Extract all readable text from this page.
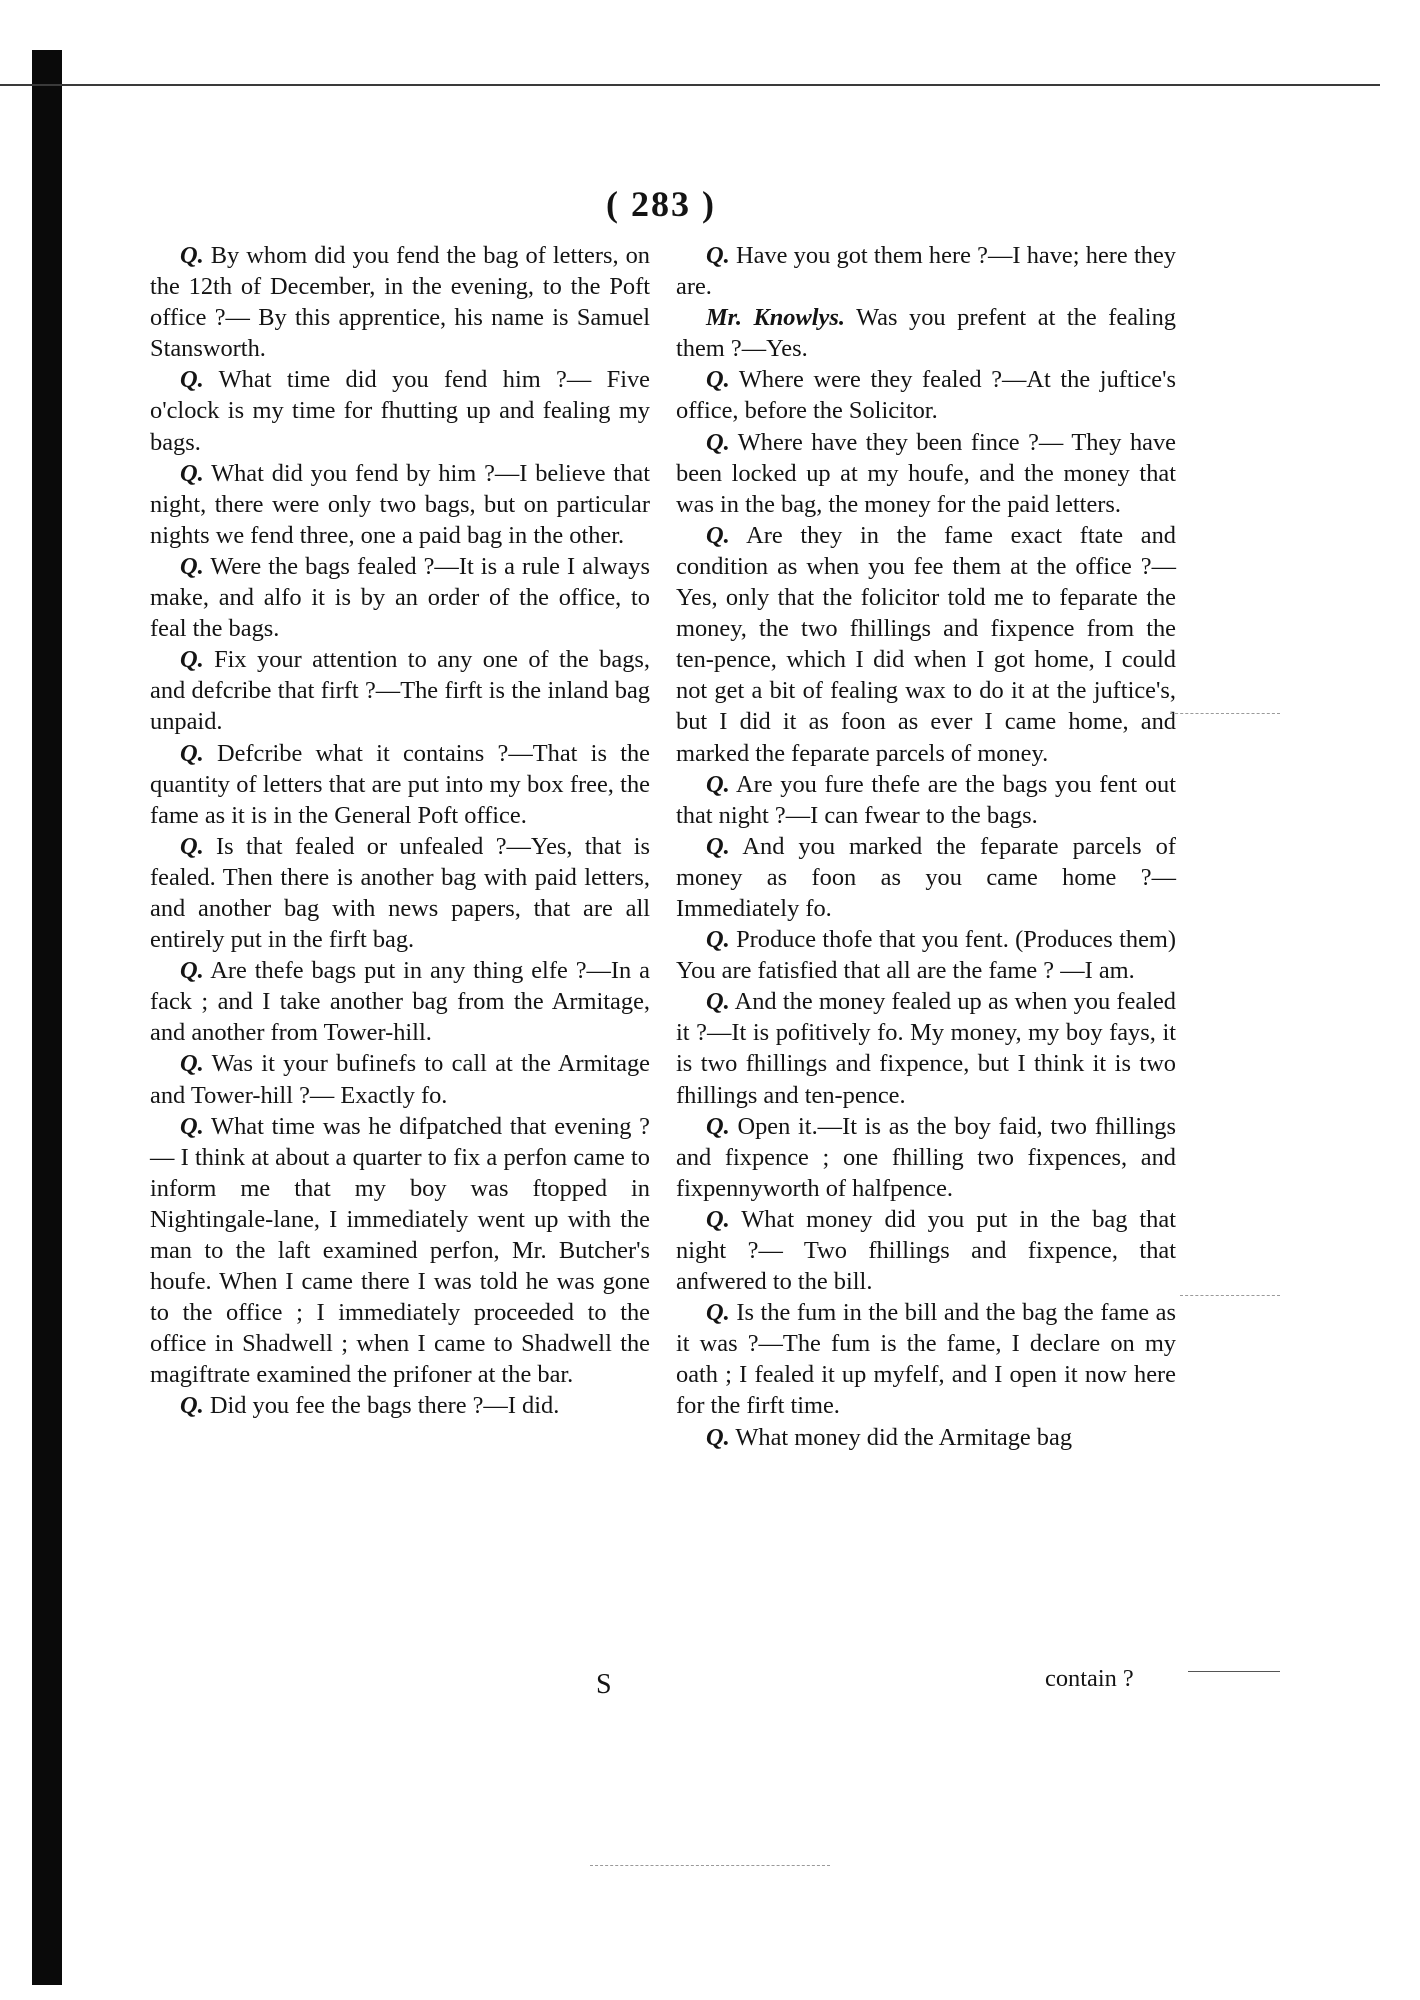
( 283 )

Q. By whom did you fend the bag of letters, on the 12th of December, in the evening, to the Poft office ?— By this apprentice, his name is Samuel Stansworth.

Q. What time did you fend him ?— Five o'clock is my time for fhutting up and fealing my bags.

Q. What did you fend by him ?—I believe that night, there were only two bags, but on particular nights we fend three, one a paid bag in the other.

Q. Were the bags fealed ?—It is a rule I always make, and alfo it is by an order of the office, to feal the bags.

Q. Fix your attention to any one of the bags, and defcribe that firft ?—The firft is the inland bag unpaid.

Q. Defcribe what it contains ?—That is the quantity of letters that are put into my box free, the fame as it is in the General Poft office.

Q. Is that fealed or unfealed ?—Yes, that is fealed. Then there is another bag with paid letters, and another bag with news papers, that are all entirely put in the firft bag.

Q. Are thefe bags put in any thing elfe ?—In a fack ; and I take another bag from the Armitage, and another from Tower-hill.

Q. Was it your bufinefs to call at the Armitage and Tower-hill ?— Exactly fo.

Q. What time was he difpatched that evening ?— I think at about a quarter to fix a perfon came to inform me that my boy was ftopped in Nightingale-lane, I immediately went up with the man to the laft examined perfon, Mr. Butcher's houfe. When I came there I was told he was gone to the office ; I immediately proceeded to the office in Shadwell ; when I came to Shadwell the magiftrate examined the prifoner at the bar.

Q. Did you fee the bags there ?—I did.

Q. Have you got them here ?—I have; here they are.

Mr. Knowlys. Was you prefent at the fealing them ?—Yes.

Q. Where were they fealed ?—At the juftice's office, before the Solicitor.

Q. Where have they been fince ?— They have been locked up at my houfe, and the money that was in the bag, the money for the paid letters.

Q. Are they in the fame exact ftate and condition as when you fee them at the office ?—Yes, only that the folicitor told me to feparate the money, the two fhillings and fixpence from the ten-pence, which I did when I got home, I could not get a bit of fealing wax to do it at the juftice's, but I did it as foon as ever I came home, and marked the feparate parcels of money.

Q. Are you fure thefe are the bags you fent out that night ?—I can fwear to the bags.

Q. And you marked the feparate parcels of money as foon as you came home ?— Immediately fo.

Q. Produce thofe that you fent. (Produces them) You are fatisfied that all are the fame ? —I am.

Q. And the money fealed up as when you fealed it ?—It is pofitively fo. My money, my boy fays, it is two fhillings and fixpence, but I think it is two fhillings and ten-pence.

Q. Open it.—It is as the boy faid, two fhillings and fixpence ; one fhilling two fixpences, and fixpennyworth of halfpence.

Q. What money did you put in the bag that night ?— Two fhillings and fixpence, that anfwered to the bill.

Q. Is the fum in the bill and the bag the fame as it was ?—The fum is the fame, I declare on my oath ; I fealed it up myfelf, and I open it now here for the firft time.

Q. What money did the Armitage bag

S	contain ?
